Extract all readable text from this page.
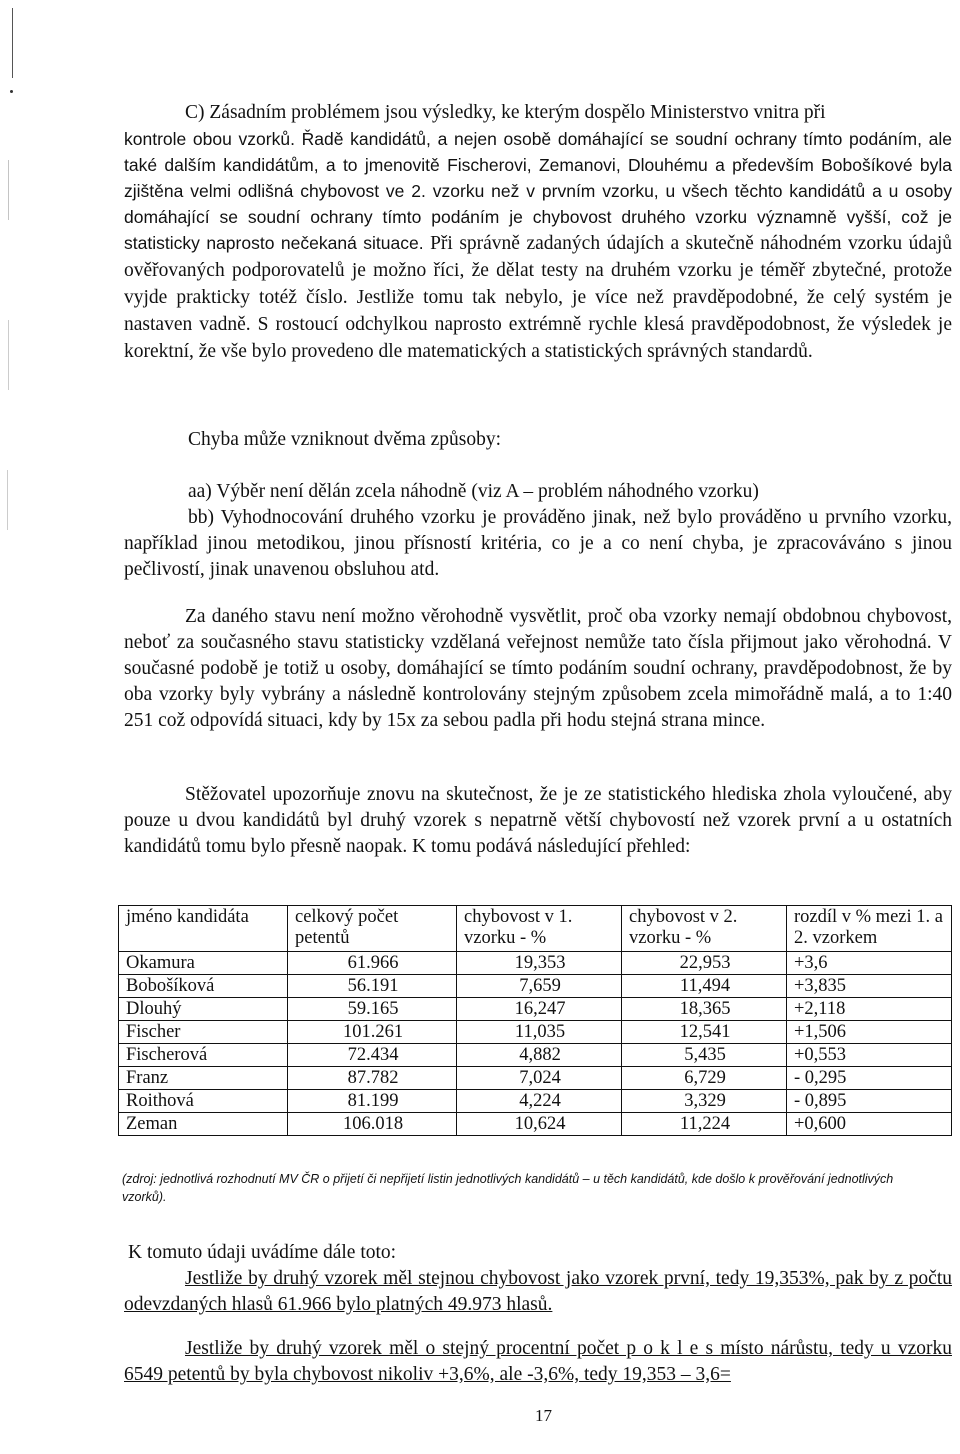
C) Zásadním problémem jsou výsledky, ke kterým dospělo Ministerstvo vnitra při

kontrole obou vzorků. Řadě kandidátů, a nejen osobě domáhající se soudní ochrany tímto podáním, ale také dalším kandidátům, a to jmenovitě Fischerovi, Zemanovi, Dlouhému a především Bobošíkové byla zjištěna velmi odlišná chybovost ve 2. vzorku než v prvním vzorku, u všech těchto kandidátů a u osoby domáhající se soudní ochrany tímto podáním je chybovost druhého vzorku významně vyšší, což je statisticky naprosto nečekaná situace. Při správně zadaných údajích a skutečně náhodném vzorku údajů ověřovaných podporovatelů je možno říci, že dělat testy na druhém vzorku je téměř zbytečné, protože vyjde prakticky totéž číslo. Jestliže tomu tak nebylo, je více než pravděpodobné, že celý systém je nastaven vadně. S rostoucí odchylkou naprosto extrémně rychle klesá pravděpodobnost, že výsledek je korektní, že vše bylo provedeno dle matematických a statistických správných standardů.

Chyba může vzniknout dvěma způsoby:

aa) Výběr není dělán zcela náhodně (viz A – problém náhodného vzorku)

bb) Vyhodnocování druhého vzorku je prováděno jinak, než bylo prováděno u prvního vzorku, například jinou metodikou, jinou přísností kritéria, co je a co není chyba, je zpracováváno s jinou pečlivostí, jinak unavenou obsluhou atd.

Za daného stavu není možno věrohodně vysvětlit, proč oba vzorky nemají obdobnou chybovost, neboť za současného stavu statisticky vzdělaná veřejnost nemůže tato čísla přijmout jako věrohodná. V současné podobě je totiž u osoby, domáhající se tímto podáním soudní ochrany, pravděpodobnost, že by oba vzorky byly vybrány a následně kontrolovány stejným způsobem zcela mimořádně malá, a to 1:40 251 což odpovídá situaci, kdy by 15x za sebou padla při hodu stejná strana mince.

Stěžovatel upozorňuje znovu na skutečnost, že je ze statistického hlediska zhola vyloučené, aby pouze u dvou kandidátů byl druhý vzorek s nepatrně větší chybovostí než vzorek první a u ostatních kandidátů tomu bylo přesně naopak. K tomu podává následující přehled:

jméno kandidáta	celkový počet petentů	chybovost v 1. vzorku - %	chybovost v 2. vzorku - %	rozdíl v % mezi 1. a 2. vzorkem
Okamura	61.966	19,353	22,953	+3,6
Bobošíková	56.191	7,659	11,494	+3,835
Dlouhý	59.165	16,247	18,365	+2,118
Fischer	101.261	11,035	12,541	+1,506
Fischerová	72.434	4,882	5,435	+0,553
Franz	87.782	7,024	6,729	- 0,295
Roithová	81.199	4,224	3,329	- 0,895
Zeman	106.018	10,624	11,224	+0,600

(zdroj: jednotlivá rozhodnutí MV ČR o přijetí či nepřijetí listin jednotlivých kandidátů – u těch kandidátů, kde došlo k prověřování jednotlivých vzorků).

K tomuto údaji uvádíme dále toto:

Jestliže by druhý vzorek měl stejnou chybovost jako vzorek první, tedy 19,353%, pak by z počtu odevzdaných hlasů 61.966 bylo platných 49.973 hlasů.

Jestliže by druhý vzorek měl o stejný procentní počet p o k l e s místo nárůstu, tedy u vzorku 6549 petentů by byla chybovost nikoliv +3,6%, ale -3,6%, tedy 19,353 – 3,6=

17
